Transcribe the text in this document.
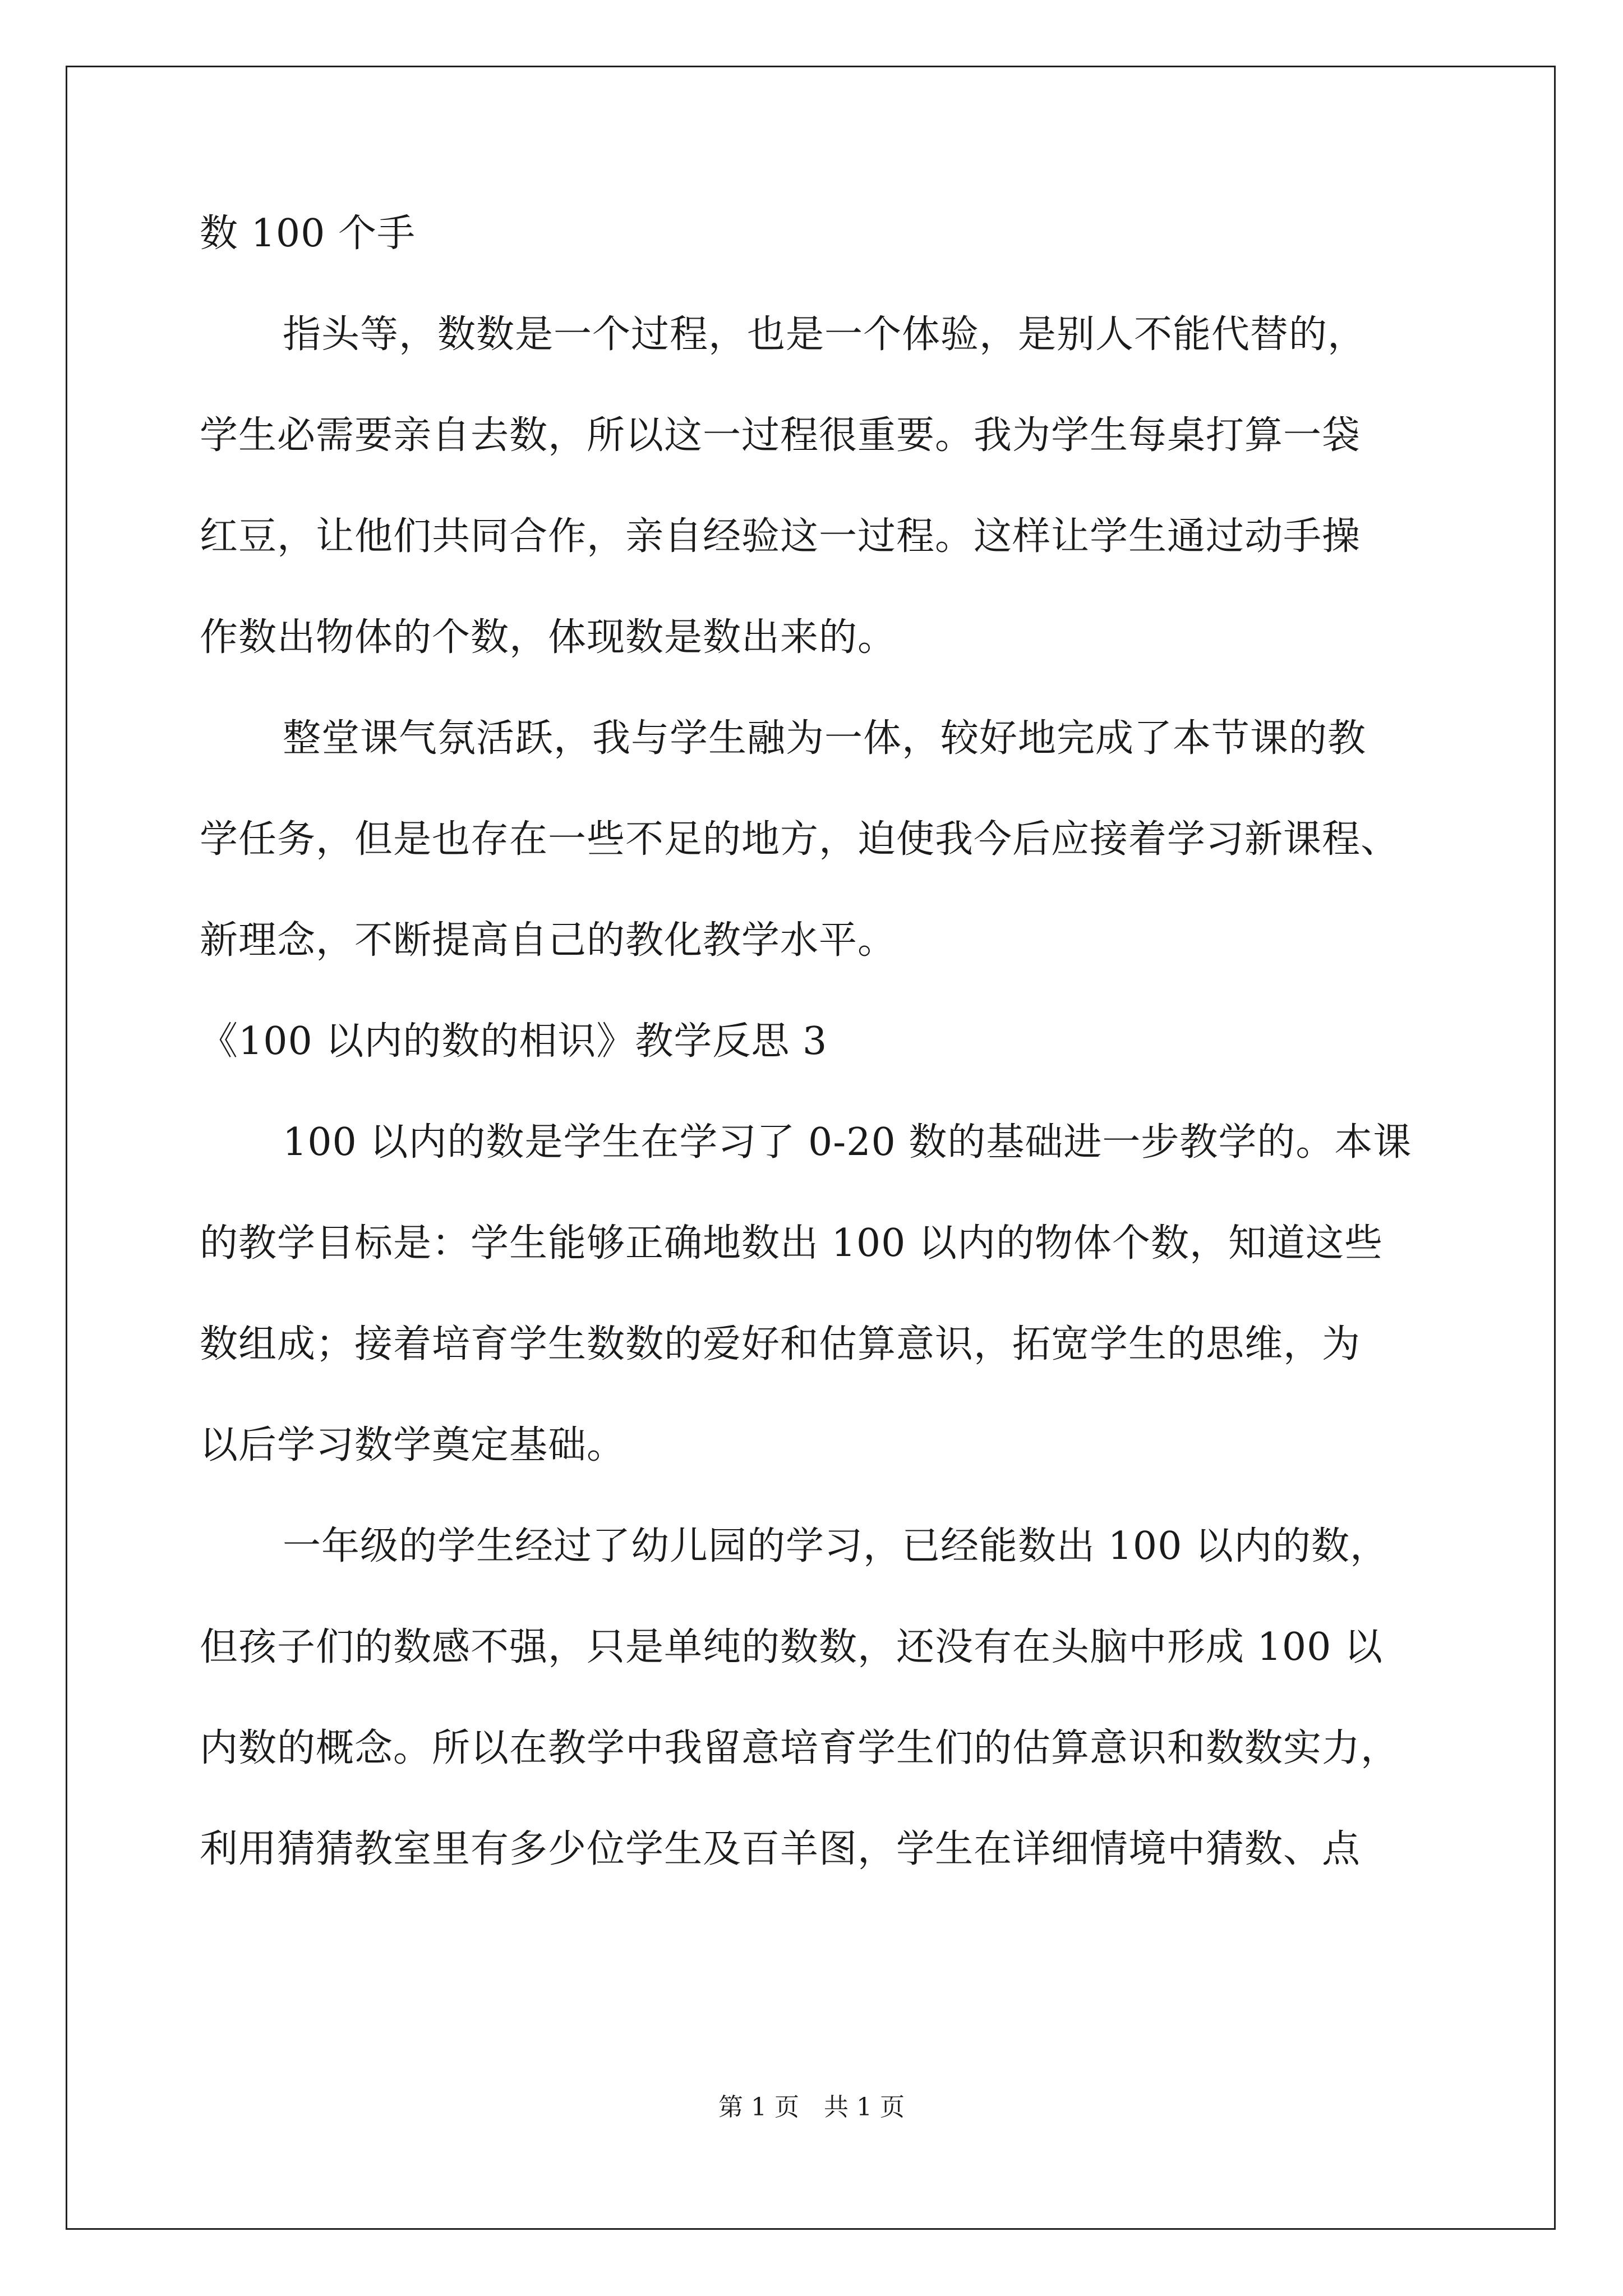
数 100 个手
指头等，数数是一个过程，也是一个体验，是别人不能代替的，
学生必需要亲自去数，所以这一过程很重要。我为学生每桌打算一袋
红豆，让他们共同合作，亲自经验这一过程。这样让学生通过动手操
作数出物体的个数，体现数是数出来的。
整堂课气氛活跃，我与学生融为一体，较好地完成了本节课的教
学任务，但是也存在一些不足的地方，迫使我今后应接着学习新课程、
新理念，不断提高自己的教化教学水平。
《100 以内的数的相识》教学反思 3
100 以内的数是学生在学习了 0-20 数的基础进一步教学的。本课
的教学目标是：学生能够正确地数出 100 以内的物体个数，知道这些
数组成；接着培育学生数数的爱好和估算意识，拓宽学生的思维，为
以后学习数学奠定基础。
一年级的学生经过了幼儿园的学习，已经能数出 100 以内的数，
但孩子们的数感不强，只是单纯的数数，还没有在头脑中形成 100 以
内数的概念。所以在教学中我留意培育学生们的估算意识和数数实力，
利用猜猜教室里有多少位学生及百羊图，学生在详细情境中猜数、点
第 1 页　共 1 页
